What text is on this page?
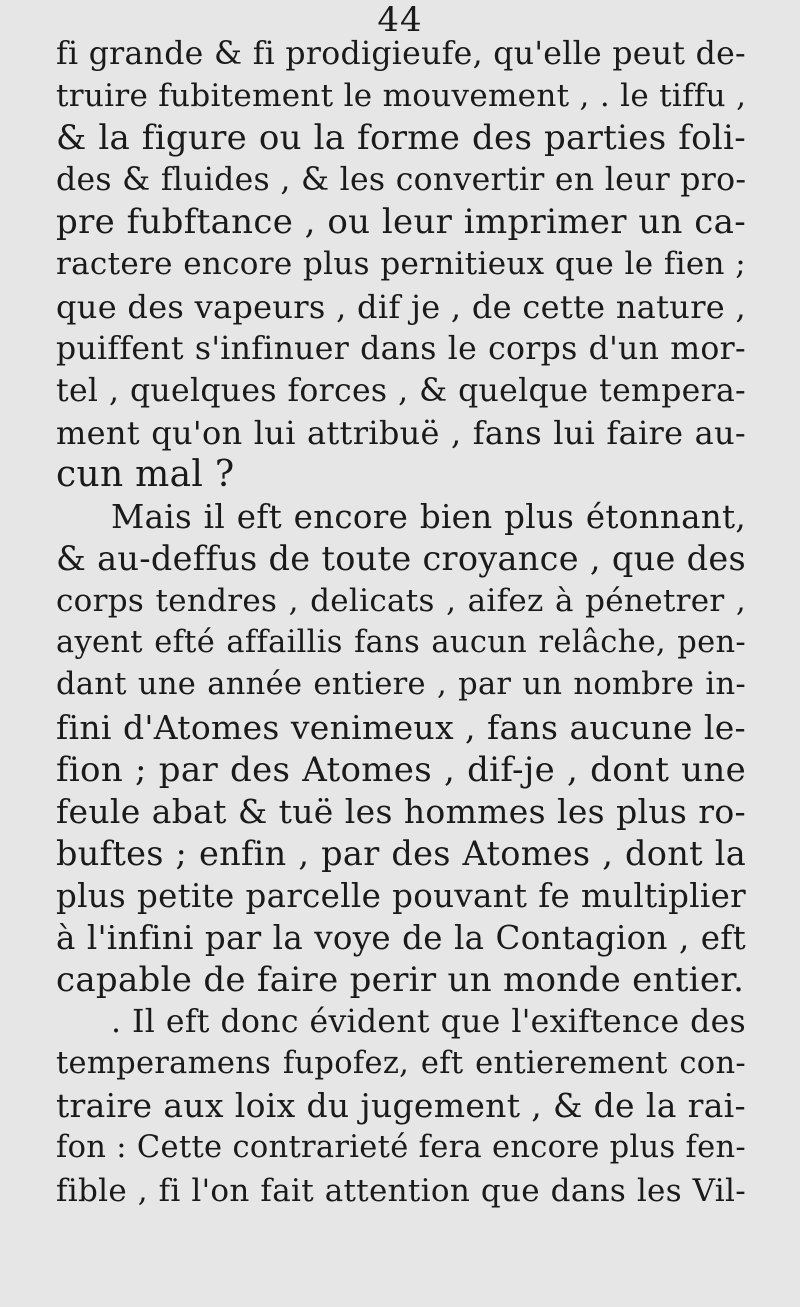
44
fi grande & fi prodigieufe, qu'elle peut de-
truire fubitement le mouvement , . le tiffu ,
& la figure ou la forme des parties foli-
des & fluides , & les convertir en leur pro-
pre fubftance , ou leur imprimer un ca-
ractere encore plus pernitieux que le fien ;
que des vapeurs , dif je , de cette nature ,
puiffent s'infinuer dans le corps d'un mor-
tel , quelques forces , & quelque tempera-
ment qu'on lui attribuë , fans lui faire au-
cun mal ?
Mais il eft encore bien plus étonnant,
& au-deffus de toute croyance , que des
corps tendres , delicats , aifez à pénetrer ,
ayent efté affaillis fans aucun relâche, pen-
dant une année entiere , par un nombre in-
fini d'Atomes venimeux , fans aucune le-
fion ; par des Atomes , dif-je , dont une
feule abat & tuë les hommes les plus ro-
buftes ; enfin , par des Atomes , dont la
plus petite parcelle pouvant fe multiplier
à l'infini par la voye de la Contagion , eft
capable de faire perir un monde entier.
. Il eft donc évident que l'exiftence des
temperamens fupofez, eft entierement con-
traire aux loix du jugement , & de la rai-
fon : Cette contrarieté fera encore plus fen-
fible , fi l'on fait attention que dans les Vil-
